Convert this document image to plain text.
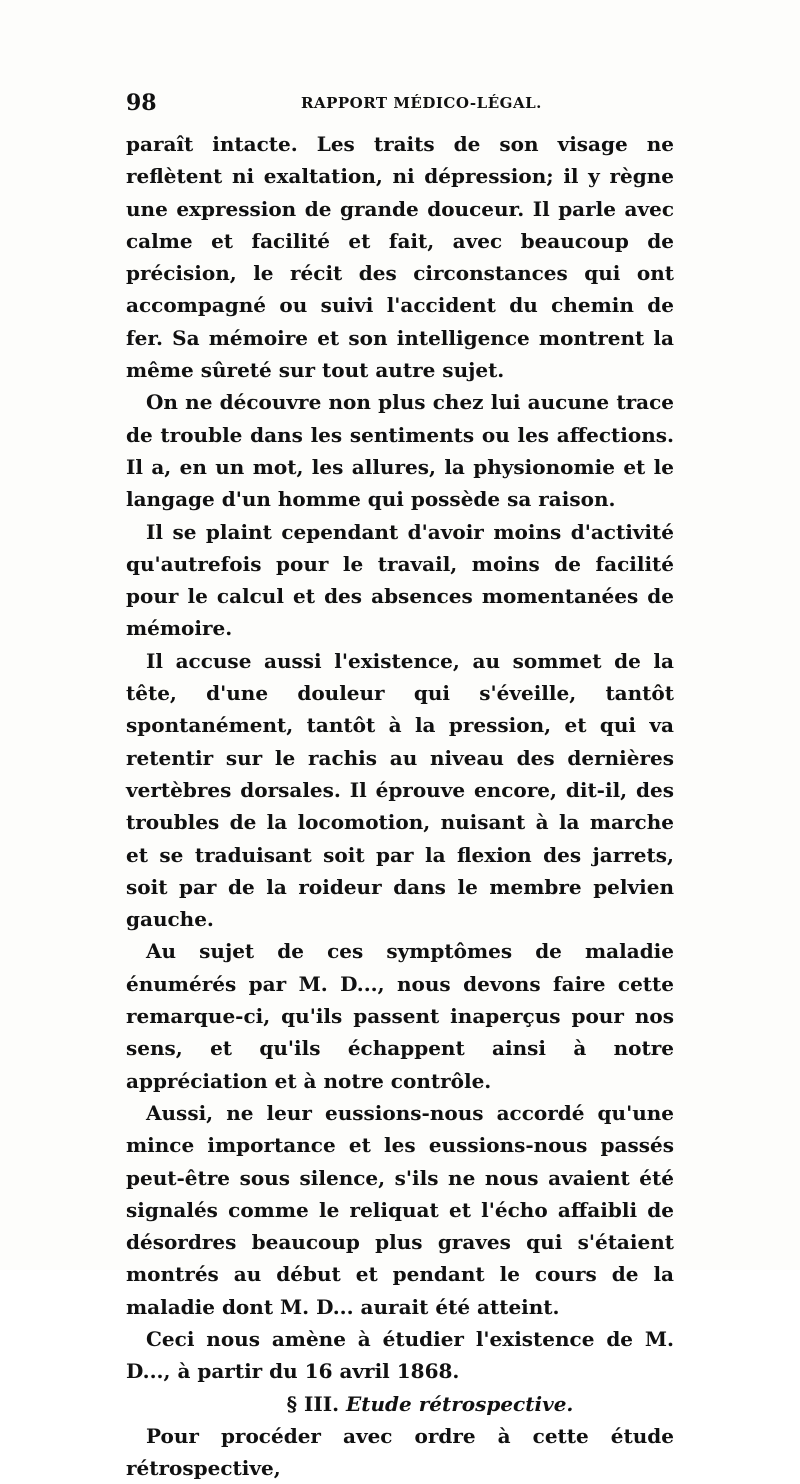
98	RAPPORT MÉDICO-LÉGAL.

paraît intacte. Les traits de son visage ne reflètent ni exaltation, ni dépression; il y règne une expression de grande douceur. Il parle avec calme et facilité et fait, avec beaucoup de précision, le récit des circonstances qui ont accompagné ou suivi l'accident du chemin de fer. Sa mémoire et son intelligence montrent la même sûreté sur tout autre sujet.

On ne découvre non plus chez lui aucune trace de trouble dans les sentiments ou les affections. Il a, en un mot, les allures, la physionomie et le langage d'un homme qui possède sa raison.

Il se plaint cependant d'avoir moins d'activité qu'autrefois pour le travail, moins de facilité pour le calcul et des absences momentanées de mémoire.

Il accuse aussi l'existence, au sommet de la tête, d'une douleur qui s'éveille, tantôt spontanément, tantôt à la pression, et qui va retentir sur le rachis au niveau des dernières vertèbres dorsales. Il éprouve encore, dit-il, des troubles de la locomotion, nuisant à la marche et se traduisant soit par la flexion des jarrets, soit par de la roideur dans le membre pelvien gauche.

Au sujet de ces symptômes de maladie énumérés par M. D..., nous devons faire cette remarque-ci, qu'ils passent inaperçus pour nos sens, et qu'ils échappent ainsi à notre appréciation et à notre contrôle.

Aussi, ne leur eussions-nous accordé qu'une mince importance et les eussions-nous passés peut-être sous silence, s'ils ne nous avaient été signalés comme le reliquat et l'écho affaibli de désordres beaucoup plus graves qui s'étaient montrés au début et pendant le cours de la maladie dont M. D... aurait été atteint.

Ceci nous amène à étudier l'existence de M. D..., à partir du 16 avril 1868.

§ III. Etude rétrospective.

Pour procéder avec ordre à cette étude rétrospective,
